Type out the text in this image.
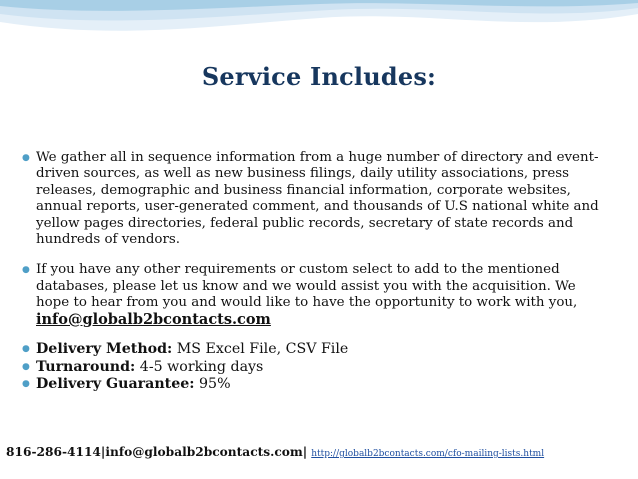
Service Includes:
● We gather all in sequence information from a huge number of directory and event-driven sources, as well as new business filings, daily utility associations, press releases, demographic and business financial information, corporate websites, annual reports, user-generated comment, and thousands of U.S national white and yellow pages directories, federal public records, secretary of state records and hundreds of vendors.
● If you have any other requirements or custom select to add to the mentioned databases, please let us know and we would assist you with the acquisition. We hope to hear from you and would like to have the opportunity to work with you, info@globalb2bcontacts.com
● Delivery Method: MS Excel File, CSV File
● Turnaround: 4-5 working days
● Delivery Guarantee: 95%
816-286-4114|info@globalb2bcontacts.com| http://globalb2bcontacts.com/cfo-mailing-lists.html
